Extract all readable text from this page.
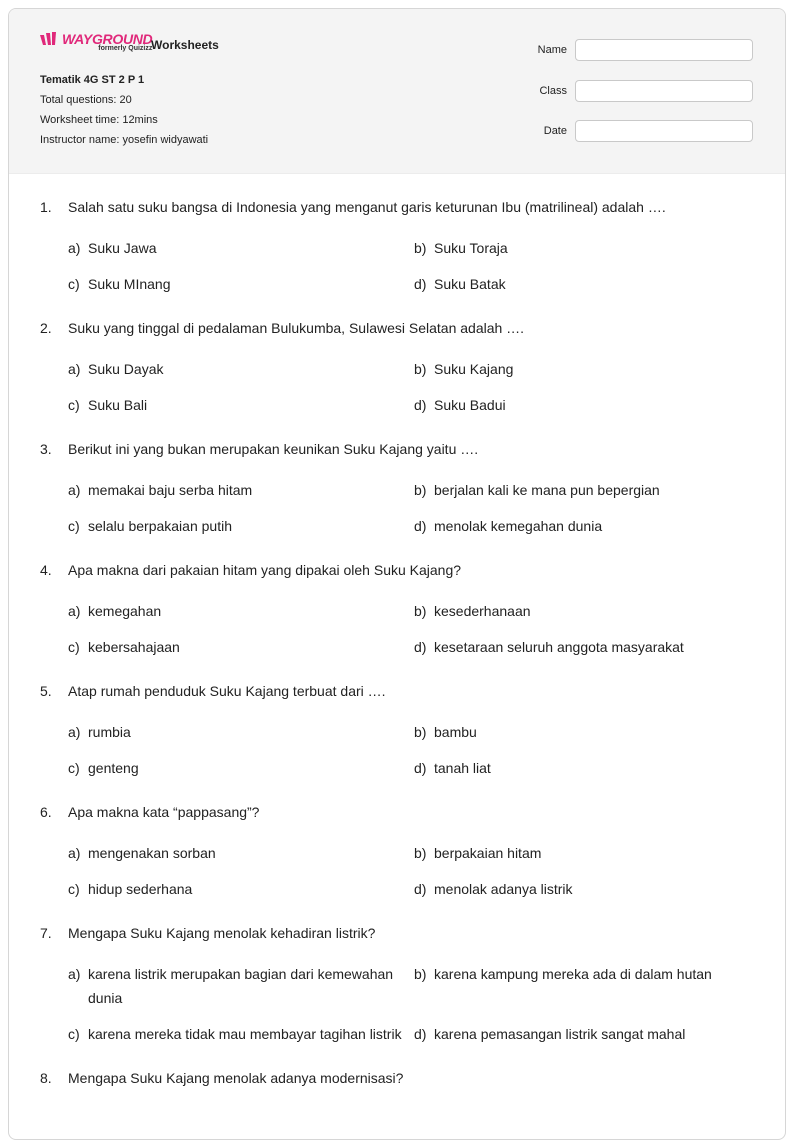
WAYGROUND
formerly Quizizz
Worksheets
Tematik 4G ST 2 P 1
Total questions: 20
Worksheet time: 12mins
Instructor name: yosefin widyawati
Name
Class
Date
1.	Salah satu suku bangsa di Indonesia yang menganut garis keturunan Ibu (matrilineal) adalah ….
a) Suku Jawa	b) Suku Toraja
c) Suku MInang	d) Suku Batak
2.	Suku yang tinggal di pedalaman Bulukumba, Sulawesi Selatan adalah ….
a) Suku Dayak	b) Suku Kajang
c) Suku Bali	d) Suku Badui
3.	Berikut ini yang bukan merupakan keunikan Suku Kajang yaitu ….
a) memakai baju serba hitam	b) berjalan kali ke mana pun bepergian
c) selalu berpakaian putih	d) menolak kemegahan dunia
4.	Apa makna dari pakaian hitam yang dipakai oleh Suku Kajang?
a) kemegahan	b) kesederhanaan
c) kebersahajaan	d) kesetaraan seluruh anggota masyarakat
5.	Atap rumah penduduk Suku Kajang terbuat dari ….
a) rumbia	b) bambu
c) genteng	d) tanah liat
6.	Apa makna kata “pappasang”?
a) mengenakan sorban	b) berpakaian hitam
c) hidup sederhana	d) menolak adanya listrik
7.	Mengapa Suku Kajang menolak kehadiran listrik?
a) karena listrik merupakan bagian dari kemewahan dunia
b) karena kampung mereka ada di dalam hutan
c) karena mereka tidak mau membayar tagihan listrik d) karena pemasangan listrik sangat mahal
8.	Mengapa Suku Kajang menolak adanya modernisasi?
